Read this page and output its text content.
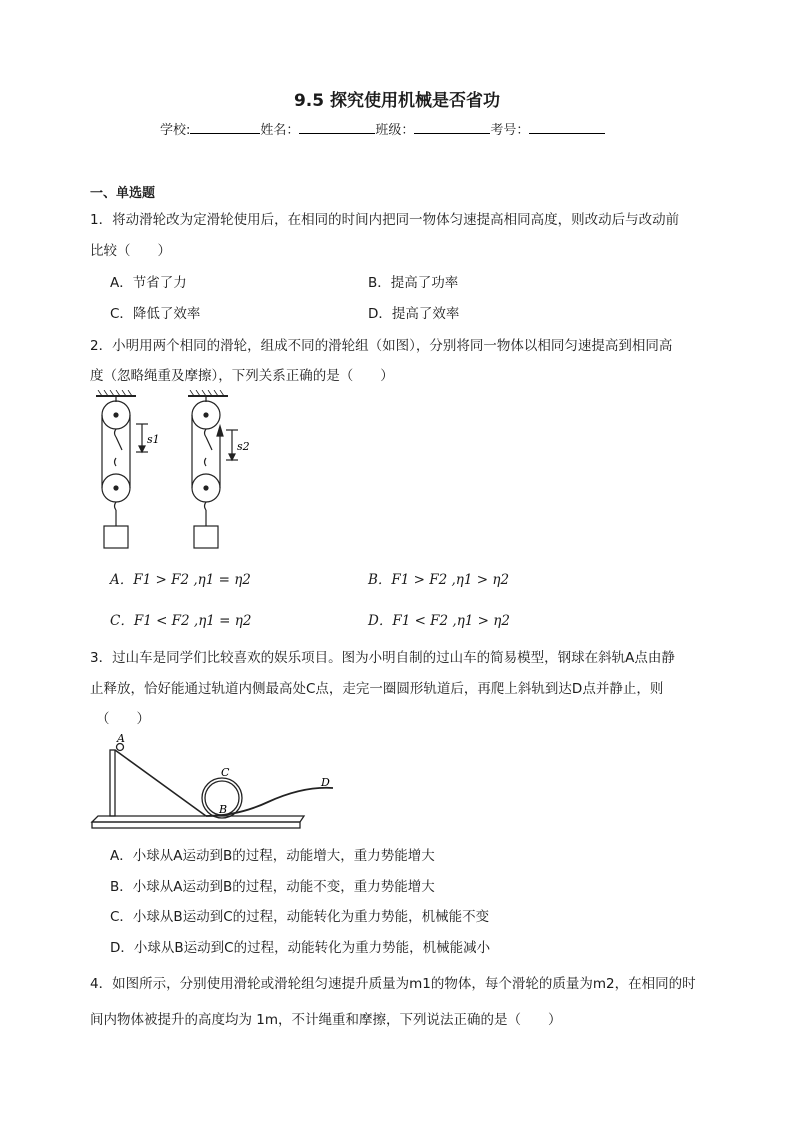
9.5 探究使用机械是否省功
学校:	姓名：	班级：	考号：
一、单选题
1．将动滑轮改为定滑轮使用后，在相同的时间内把同一物体匀速提高相同高度，则改动后与改动前
比较（　　）
A．节省了力	B．提高了功率
C．降低了效率	D．提高了效率
2．小明用两个相同的滑轮，组成不同的滑轮组（如图），分别将同一物体以相同匀速提高到相同高
度（忽略绳重及摩擦），下列关系正确的是（　　）
s1
s2
A．F1 > F2 ,η1 = η2	B．F1 > F2 ,η1 > η2
C．F1 < F2 ,η1 = η2	D．F1 < F2 ,η1 > η2
3．过山车是同学们比较喜欢的娱乐项目。图为小明自制的过山车的简易模型，钢球在斜轨A点由静
止释放，恰好能通过轨道内侧最高处C点，走完一圈圆形轨道后，再爬上斜轨到达D点并静止，则
（　　）
A
B
C
D
A．小球从A运动到B的过程，动能增大，重力势能增大
B．小球从A运动到B的过程，动能不变，重力势能增大
C．小球从B运动到C的过程，动能转化为重力势能，机械能不变
D．小球从B运动到C的过程，动能转化为重力势能，机械能减小
4．如图所示，分别使用滑轮或滑轮组匀速提升质量为m1的物体，每个滑轮的质量为m2，在相同的时
间内物体被提升的高度均为 1m，不计绳重和摩擦，下列说法正确的是（　　）
